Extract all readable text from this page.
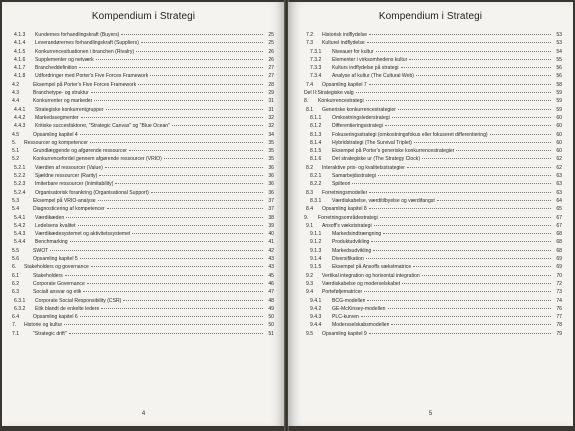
Kompendium i Strategi
4.1.3	Kundernes forhandlingskraft (Buyers)	25
4.1.4	Leverandørernes forhandlingskraft (Suppliers)	25
4.1.5	Konkurrencesituationen i branchen (Rivalry)	26
4.1.6	Supplementer og netværk	26
4.1.7	Brancheddefinition	27
4.1.8	Udfordringer med Porter's Five Forces Framework	27
4.2	Eksempel på Porter's Five Forces Framework	28
4.3	Branchetype- og struktur	29
4.4	Konkurrenter og markeder	31
4.4.1	Strategiske konkurrentgrupper	31
4.4.2	Markedssegmenter	32
4.4.3	Kritiske succesfaktorer, "Strategic Canvas" og "Blue Ocean"	32
4.5	Opsamling kapitel 4	34
5.	Ressourcer og kompetencer	35
5.1	Grundlæggende og afgørende ressourcer	35
5.2	Konkurrencefordel gennem afgørende ressourcer (VRIO)	35
5.2.1	Værdien af ressourcer (Value)	36
5.2.2	Sjældne ressourcer (Rarity)	36
5.2.3	Imiterbare ressourcer (Inimitability)	36
5.2.4	Organisatorisk forankring (Organisational Support)	36
5.3	Eksempel på VRIO-analyse	37
5.4	Diagnosticering af kompetencer	37
5.4.1	Værdikæden	38
5.4.2	Ledelsens kvalitet	39
5.4.3	Værdikædesystemet og aktivitetssystemet	40
5.4.4	Benchmarking	41
5.5	SWOT	42
5.6	Opsamling kapitel 5	43
6.	Stakeholders og governance	43
6.1	Stakeholders	45
6.2	Corporate Governance	46
6.3	Socialt ansvar og etik	47
6.3.1	Corporate Social Responsibility (CSR)	48
6.3.2	Etik blandt de enkelte ledere	49
6.4	Opsamling kapitel 6	50
7.	Historie og kultur	50
7.1	"Strategic drift"	51
4
Kompendium i Strategi
7.2	Historisk indflydelse	53
7.3	Kulturel indflydelse	53
7.3.1	Niveauer for kultur	54
7.3.2	Elementer i virksomhedens kultur	55
7.3.3	Kulturs indflydelse på strategi	56
7.3.4	Analyse af kultur (The Cultural Web)	56
7.4	Opsamling kapitel 7	58
Del II: Strategiske valg	59
8.	Konkurrencestrategi	59
8.1	Generiske konkurrencestrategier	59
8.1.1	Omkostningslederstrategi	60
8.1.2	Differentieringsstrategi	60
8.1.3	Fokuseringsstrategi (omkostningsfokus eller fokuseret differentiering)	60
8.1.4	Hybridstrategi (The Survival Triplet)	60
8.1.5	Eksempel på Porter's generiske konkurrencestrategier	60
8.1.6	Det strategiske ur (The Strategy Clock)	62
8.2	Interaktive pris- og kvalitetsstrategier	62
8.2.1	Samarbejdsstrategi	63
8.2.2	Spilteori	63
8.3	Forretningsmodeller	63
8.3.1	Værdiskabelse, værditilbyelse og værdifangst	64
8.4	Opsamling kapitel 8	65
9.	Forretningsområdestrategi	67
9.1	Ansoff's vækststrategi	67
9.1.1	Markedsindtrængning	68
9.1.2	Produktudvikling	68
9.1.3	Markedsudvikling	68
9.1.4	Diversifikation	69
9.1.5	Eksempel på Ansoffs vækstmatrice	69
9.2	Vertikal integration og horisontal integration	70
9.3	Værdiskabelse og moderselskabet	72
9.4	Porteføljematricer	73
9.4.1	BCG-modellen	74
9.4.2	GE-McKinsey-modellen	76
9.4.3	PLC-kurven	77
9.4.4	Modersselskabsmodellen	78
9.5	Opsamling kapitel 9	79
5
